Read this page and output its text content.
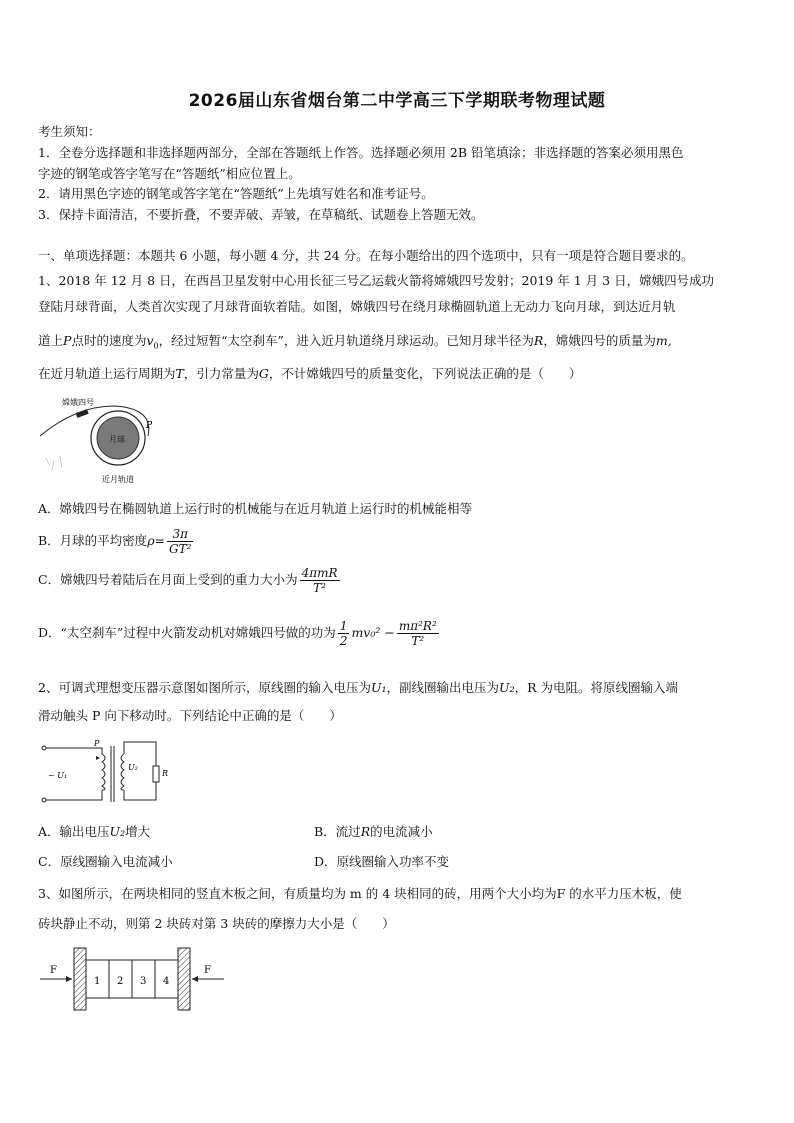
2026届山东省烟台第二中学高三下学期联考物理试题
考生须知：
1．全卷分选择题和非选择题两部分，全部在答题纸上作答。选择题必须用 2B 铅笔填涂；非选择题的答案必须用黑色
字迹的钢笔或答字笔写在“答题纸”相应位置上。
2．请用黑色字迹的钢笔或答字笔在“答题纸”上先填写姓名和准考证号。
3．保持卡面清洁，不要折叠，不要弄破、弄皱，在草稿纸、试题卷上答题无效。
一、单项选择题：本题共 6 小题，每小题 4 分，共 24 分。在每小题给出的四个选项中，只有一项是符合题目要求的。
1、2018 年 12 月 8 日，在西昌卫星发射中心用长征三号乙运载火箭将嫦娥四号发射；2019 年 1 月 3 日，嫦娥四号成功
登陆月球背面，人类首次实现了月球背面软着陆。如图，嫦娥四号在绕月球椭圆轨道上无动力飞向月球，到达近月轨
道上P点时的速度为$v_0$，经过短暂“太空刹车”，进入近月轨道绕月球运动。已知月球半径为R，嫦娥四号的质量为m,
在近月轨道上运行周期为T，引力常量为G，不计嫦娥四号的质量变化，下列说法正确的是（　　）
嫦娥四号
月球
近月轨道
P
A．嫦娥四号在椭圆轨道上运行时的机械能与在近月轨道上运行时的机械能相等
B．月球的平均密度$\rho= \frac{3\pi}{\text{GT²}}$
C．嫦娥四号着陆后在月面上受到的重力大小为 $\frac{\text{4πmR}}{\text{T²}}$
D．“太空刹车”过程中火箭发动机对嫦娥四号做的功为 $\frac{1}{2} mv_0^2 - \frac{\text{mπ²R²}}{\text{T²}}$
2、可调式理想变压器示意图如图所示，原线圈的输入电压为U₁，副线圈输出电压为U₂，R 为电阻。将原线圈输入端
滑动触头 P 向下移动时。下列结论中正确的是（　　）
P
~ U₁
U₂
R
A．输出电压U₂增大	B．流过R的电流减小
C．原线圈输入电流减小	D．原线圈输入功率不变
3、如图所示，在两块相同的竖直木板之间，有质量均为 m 的 4 块相同的砖，用两个大小均为F 的水平力压木板，使
砖块静止不动，则第 2 块砖对第 3 块砖的摩擦力大小是（　　）
1 2 3 4
F	F
